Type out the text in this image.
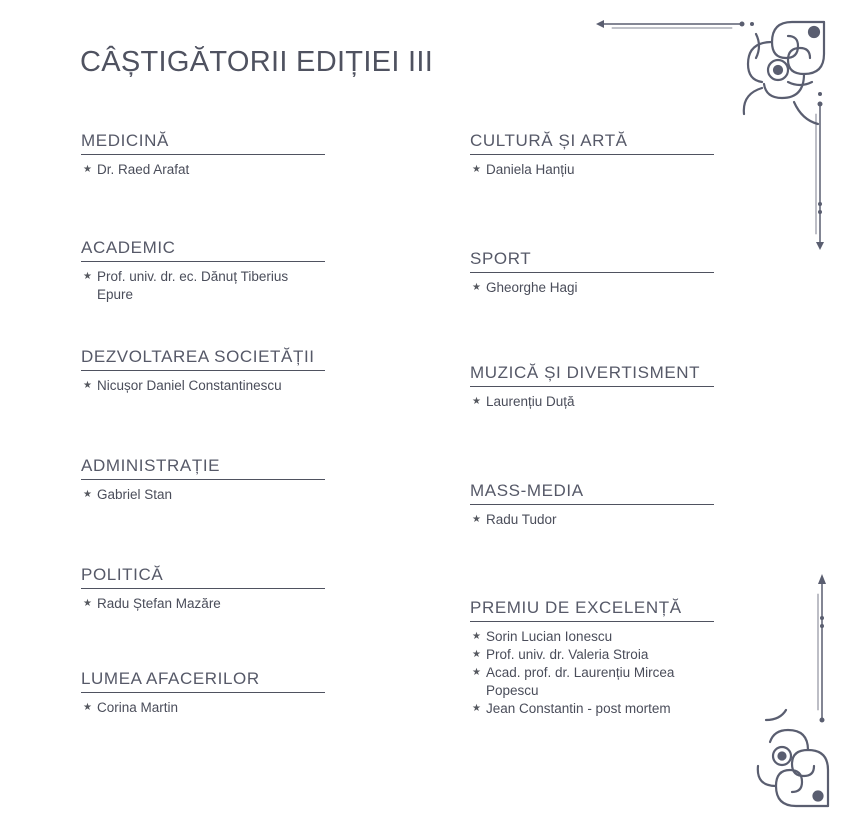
CÂȘTIGĂTORII EDIȚIEI III
MEDICINĂ
★ Dr. Raed Arafat
ACADEMIC
★ Prof. univ. dr. ec. Dănuț Tiberius Epure
DEZVOLTAREA SOCIETĂȚII
★ Nicușor Daniel Constantinescu
ADMINISTRAȚIE
★ Gabriel Stan
POLITICĂ
★ Radu Ștefan Mazăre
LUMEA AFACERILOR
★ Corina Martin
CULTURĂ ȘI ARTĂ
★ Daniela Hanțiu
SPORT
★ Gheorghe Hagi
MUZICĂ ȘI DIVERTISMENT
★ Laurențiu Duță
MASS-MEDIA
★ Radu Tudor
PREMIU DE EXCELENȚĂ
★ Sorin Lucian Ionescu
★ Prof. univ. dr. Valeria Stroia
★ Acad. prof. dr. Laurențiu Mircea Popescu
★ Jean Constantin - post mortem
